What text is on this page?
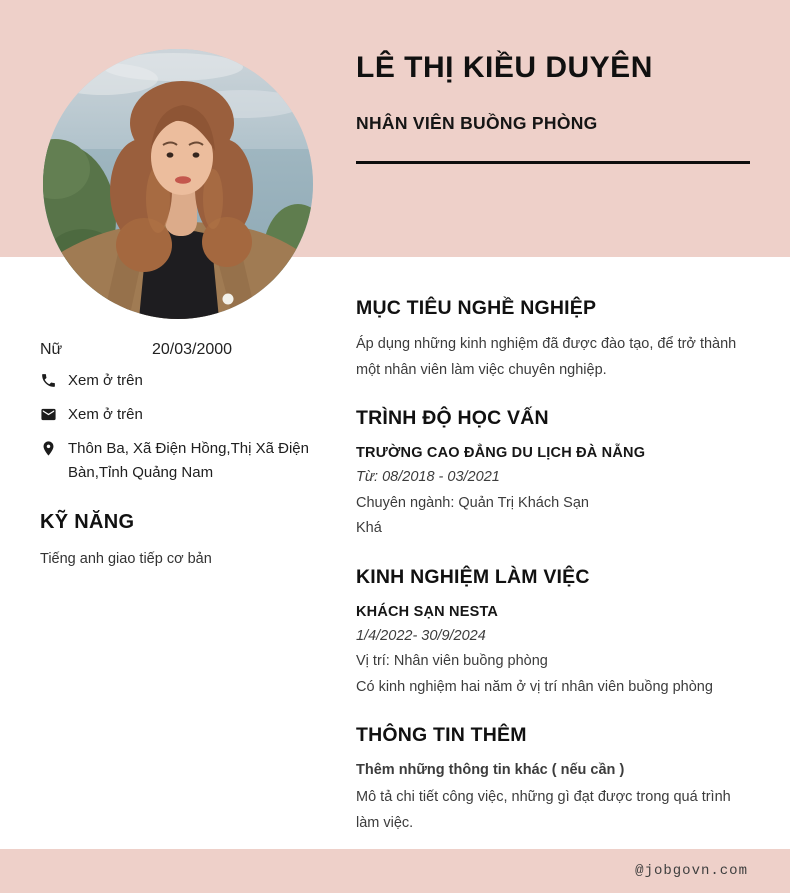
LÊ THỊ KIỀU DUYÊN
NHÂN VIÊN BUỒNG PHÒNG
Nữ	20/03/2000
Xem ở trên
Xem ở trên
Thôn Ba, Xã Điện Hồng,Thị Xã Điện Bàn,Tỉnh Quảng Nam
KỸ NĂNG

Tiếng anh giao tiếp cơ bản

MỤC TIÊU NGHỀ NGHIỆP

Áp dụng những kinh nghiệm đã được đào tạo, để trở thành một nhân viên làm việc chuyên nghiệp.

TRÌNH ĐỘ HỌC VẤN
TRƯỜNG CAO ĐẲNG DU LỊCH ĐÀ NẴNG

Từ: 08/2018 - 03/2021

Chuyên ngành: Quản Trị Khách Sạn

Khá

KINH NGHIỆM LÀM VIỆC
KHÁCH SẠN NESTA

1/4/2022- 30/9/2024

Vị trí: Nhân viên buồng phòng

Có kinh nghiệm hai năm ở vị trí nhân viên buồng phòng

THÔNG TIN THÊM

Thêm những thông tin khác ( nếu cần )

Mô tả chi tiết công việc, những gì đạt được trong quá trình làm việc.

@jobgovn.com
